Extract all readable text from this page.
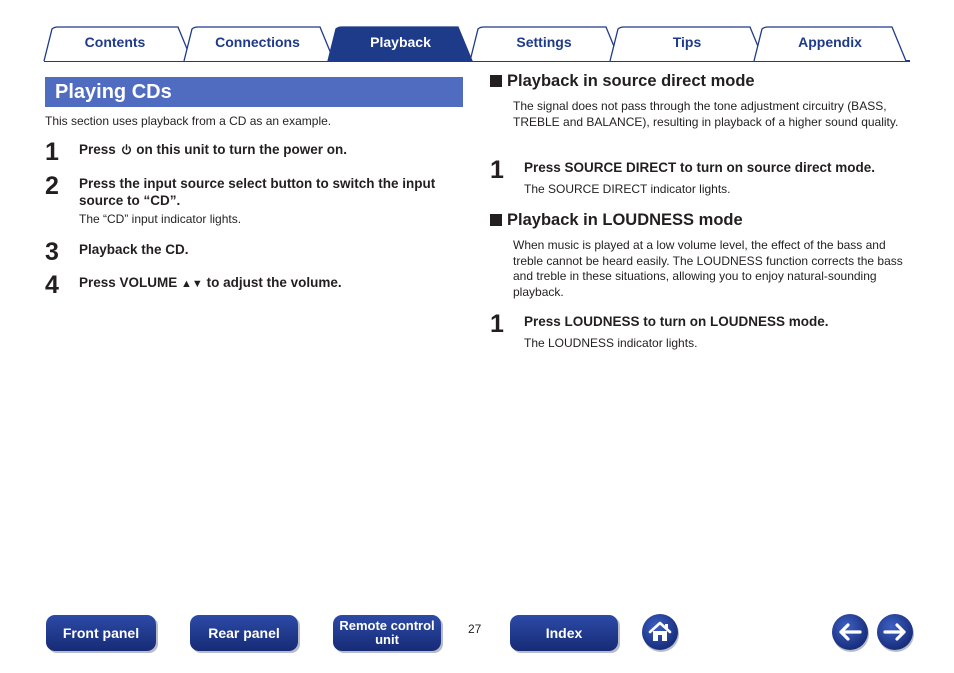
Contents	Connections	Playback	Settings	Tips	Appendix
Playing CDs
This section uses playback from a CD as an example.
1 Press  on this unit to turn the power on.
2 Press the input source select button to switch the input source to “CD”.
The “CD” input indicator lights.
3 Playback the CD.
4 Press VOLUME ▲▼ to adjust the volume.
Playback in source direct mode
The signal does not pass through the tone adjustment circuitry (BASS, TREBLE and BALANCE), resulting in playback of a higher sound quality.
1 Press SOURCE DIRECT to turn on source direct mode.
The SOURCE DIRECT indicator lights.
Playback in LOUDNESS mode
When music is played at a low volume level, the effect of the bass and treble cannot be heard easily. The LOUDNESS function corrects the bass and treble in these situations, allowing you to enjoy natural-sounding playback.
1 Press LOUDNESS to turn on LOUDNESS mode.
The LOUDNESS indicator lights.
Front panel	Rear panel	Remote control
unit
27	Index
